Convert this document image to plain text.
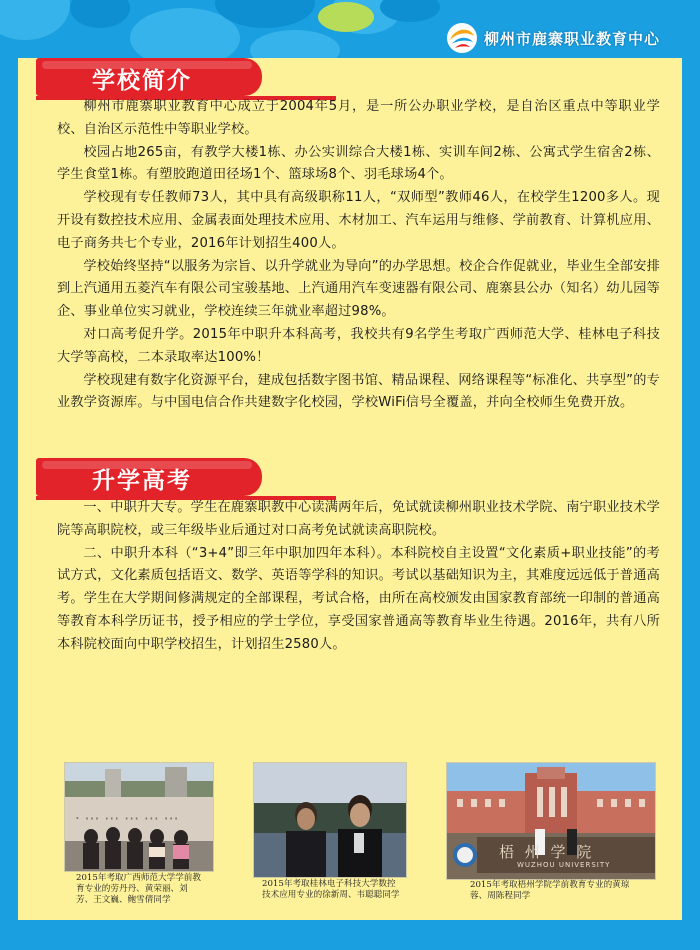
柳州市鹿寨职业教育中心
学校简介

柳州市鹿寨职业教育中心成立于2004年5月，是一所公办职业学校，是自治区重点中等职业学校、自治区示范性中等职业学校。

校园占地265亩，有教学大楼1栋、办公实训综合大楼1栋、实训车间2栋、公寓式学生宿舍2栋、学生食堂1栋。有塑胶跑道田径场1个、篮球场8个、羽毛球场4个。

学校现有专任教师73人，其中具有高级职称11人，“双师型”教师46人，在校学生1200多人。现开设有数控技术应用、金属表面处理技术应用、木材加工、汽车运用与维修、学前教育、计算机应用、电子商务共七个专业，2016年计划招生400人。

学校始终坚持“以服务为宗旨、以升学就业为导向”的办学思想。校企合作促就业，毕业生全部安排到上汽通用五菱汽车有限公司宝骏基地、上汽通用汽车变速器有限公司、鹿寨县公办（知名）幼儿园等企、事业单位实习就业，学校连续三年就业率超过98%。

对口高考促升学。2015年中职升本科高考，我校共有9名学生考取广西师范大学、桂林电子科技大学等高校，二本录取率达100%！

学校现建有数字化资源平台，建成包括数字图书馆、精品课程、网络课程等“标准化、共享型”的专业教学资源库。与中国电信合作共建数字化校园，学校WiFi信号全覆盖，并向全校师生免费开放。

升学高考

一、中职升大专。学生在鹿寨职教中心读满两年后，免试就读柳州职业技术学院、南宁职业技术学院等高职院校，或三年级毕业后通过对口高考免试就读高职院校。

二、中职升本科（“3+4”即三年中职加四年本科）。本科院校自主设置“文化素质+职业技能”的考试方式，文化素质包括语文、数学、英语等学科的知识。考试以基础知识为主，其难度远远低于普通高考。学生在大学期间修满规定的全部课程，考试合格，由所在高校颁发由国家教育部统一印制的普通高等教育本科学历证书，授予相应的学士学位，享受国家普通高等教育毕业生待遇。2016年，共有八所本科院校面向中职学校招生，计划招生2580人。

· ⋯ ⋯ ⋯ ⋯ ⋯
2015年考取广西师范大学学前教育专业的劳丹丹、黄荣丽、刘芳、王文巍、鲍雪倩同学
2015年考取桂林电子科技大学数控技术应用专业的徐新周、韦聪聪同学
梧 州 学 院
WUZHOU UNIVERSITY
2015年考取梧州学院学前教育专业的黄琼蓉、周陈程同学
